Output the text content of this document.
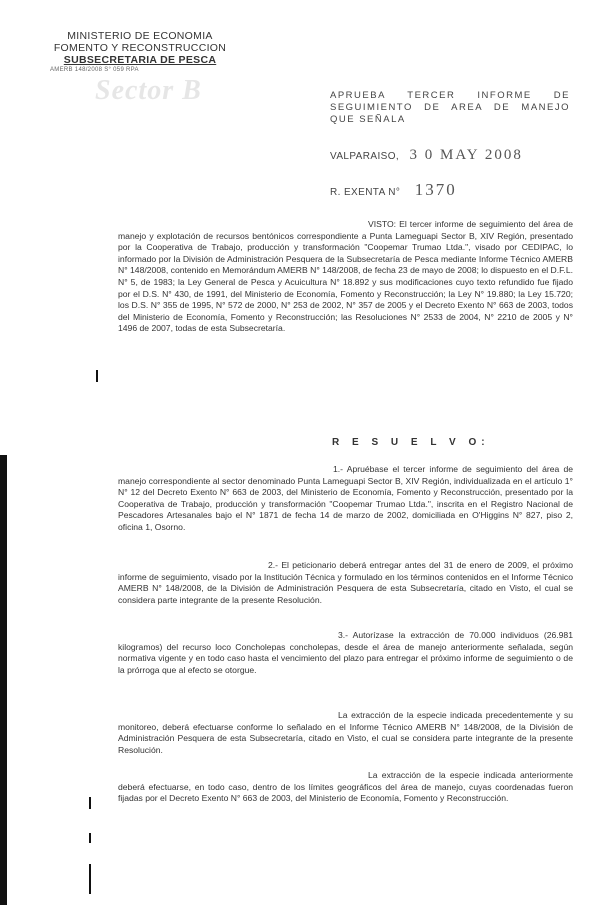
MINISTERIO DE ECONOMIA
FOMENTO Y RECONSTRUCCION
SUBSECRETARIA DE PESCA
AMERB 148/2008 S° 059 RPA
Sector B	APRUEBA TERCER INFORME DE SEGUIMIENTO DE AREA DE MANEJO QUE SEÑALA
VALPARAISO, 3 0 MAY 2008
R. EXENTA N° 1370

VISTO: El tercer informe de seguimiento del área de manejo y explotación de recursos bentónicos correspondiente a Punta Lameguapi Sector B, XIV Región, presentado por la Cooperativa de Trabajo, producción y transformación "Coopemar Trumao Ltda.", visado por CEDIPAC, lo informado por la División de Administración Pesquera de la Subsecretaría de Pesca mediante Informe Técnico AMERB N° 148/2008, contenido en Memorándum AMERB N° 148/2008, de fecha 23 de mayo de 2008; lo dispuesto en el D.F.L. N° 5, de 1983; la Ley General de Pesca y Acuicultura N° 18.892 y sus modificaciones cuyo texto refundido fue fijado por el D.S. N° 430, de 1991, del Ministerio de Economía, Fomento y Reconstrucción; la Ley N° 19.880; la Ley 15.720; los D.S. N° 355 de 1995, N° 572 de 2000, N° 253 de 2002, N° 357 de 2005 y el Decreto Exento N° 663 de 2003, todos del Ministerio de Economía, Fomento y Reconstrucción; las Resoluciones N° 2533 de 2004, N° 2210 de 2005 y N° 1496 de 2007, todas de esta Subsecretaría.

R E S U E L V O:

1.- Apruébase el tercer informe de seguimiento del área de manejo correspondiente al sector denominado Punta Lameguapi Sector B, XIV Región, individualizada en el artículo 1° N° 12 del Decreto Exento N° 663 de 2003, del Ministerio de Economía, Fomento y Reconstrucción, presentado por la Cooperativa de Trabajo, producción y transformación "Coopemar Trumao Ltda.", inscrita en el Registro Nacional de Pescadores Artesanales bajo el N° 1871 de fecha 14 de marzo de 2002, domiciliada en O'Higgins N° 827, piso 2, oficina 1, Osorno.

2.- El peticionario deberá entregar antes del 31 de enero de 2009, el próximo informe de seguimiento, visado por la Institución Técnica y formulado en los términos contenidos en el Informe Técnico AMERB N° 148/2008, de la División de Administración Pesquera de esta Subsecretaría, citado en Visto, el cual se considera parte integrante de la presente Resolución.

3.- Autorízase la extracción de 70.000 individuos (26.981 kilogramos) del recurso loco Concholepas concholepas, desde el área de manejo anteriormente señalada, según normativa vigente y en todo caso hasta el vencimiento del plazo para entregar el próximo informe de seguimiento o de la prórroga que al efecto se otorgue.

La extracción de la especie indicada precedentemente y su monitoreo, deberá efectuarse conforme lo señalado en el Informe Técnico AMERB N° 148/2008, de la División de Administración Pesquera de esta Subsecretaría, citado en Visto, el cual se considera parte integrante de la presente Resolución.

La extracción de la especie indicada anteriormente deberá efectuarse, en todo caso, dentro de los límites geográficos del área de manejo, cuyas coordenadas fueron fijadas por el Decreto Exento N° 663 de 2003, del Ministerio de Economía, Fomento y Reconstrucción.
